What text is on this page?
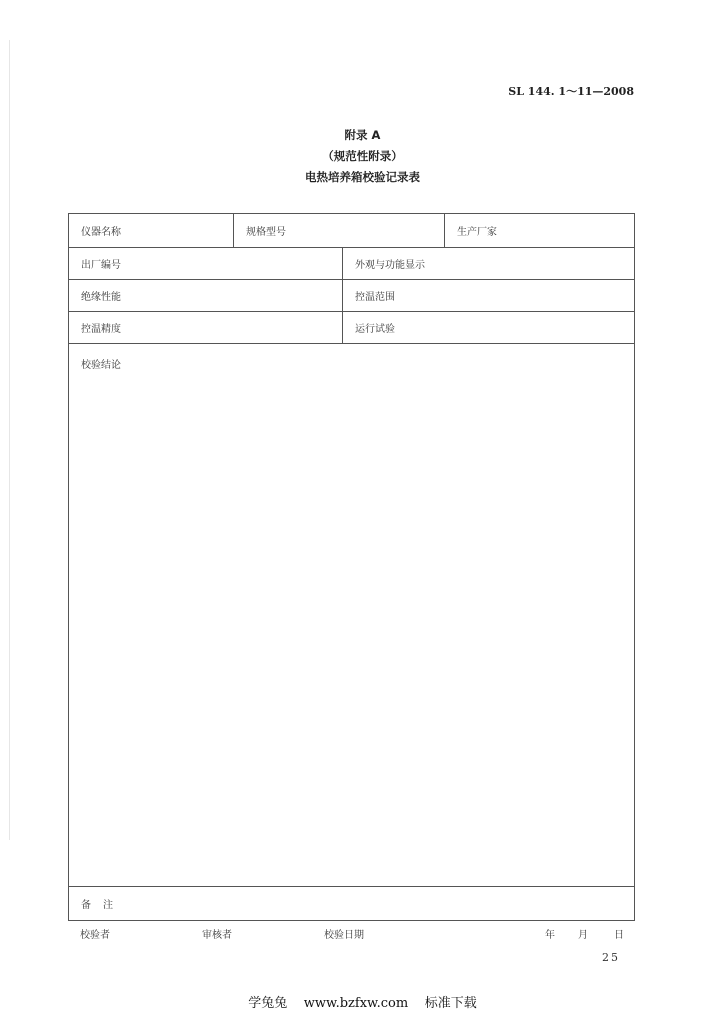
SL 144. 1～11—2008
附录 A
（规范性附录）
电热培养箱校验记录表
仪器名称	规格型号		生产厂家
出厂编号		外观与功能显示	
绝缘性能		控温范围	
控温精度		运行试验	
校验结论			
备注			
校验者	审核者	校验日期	年 月	日
25
学兔兔 www.bzfxw.com 标准下载
